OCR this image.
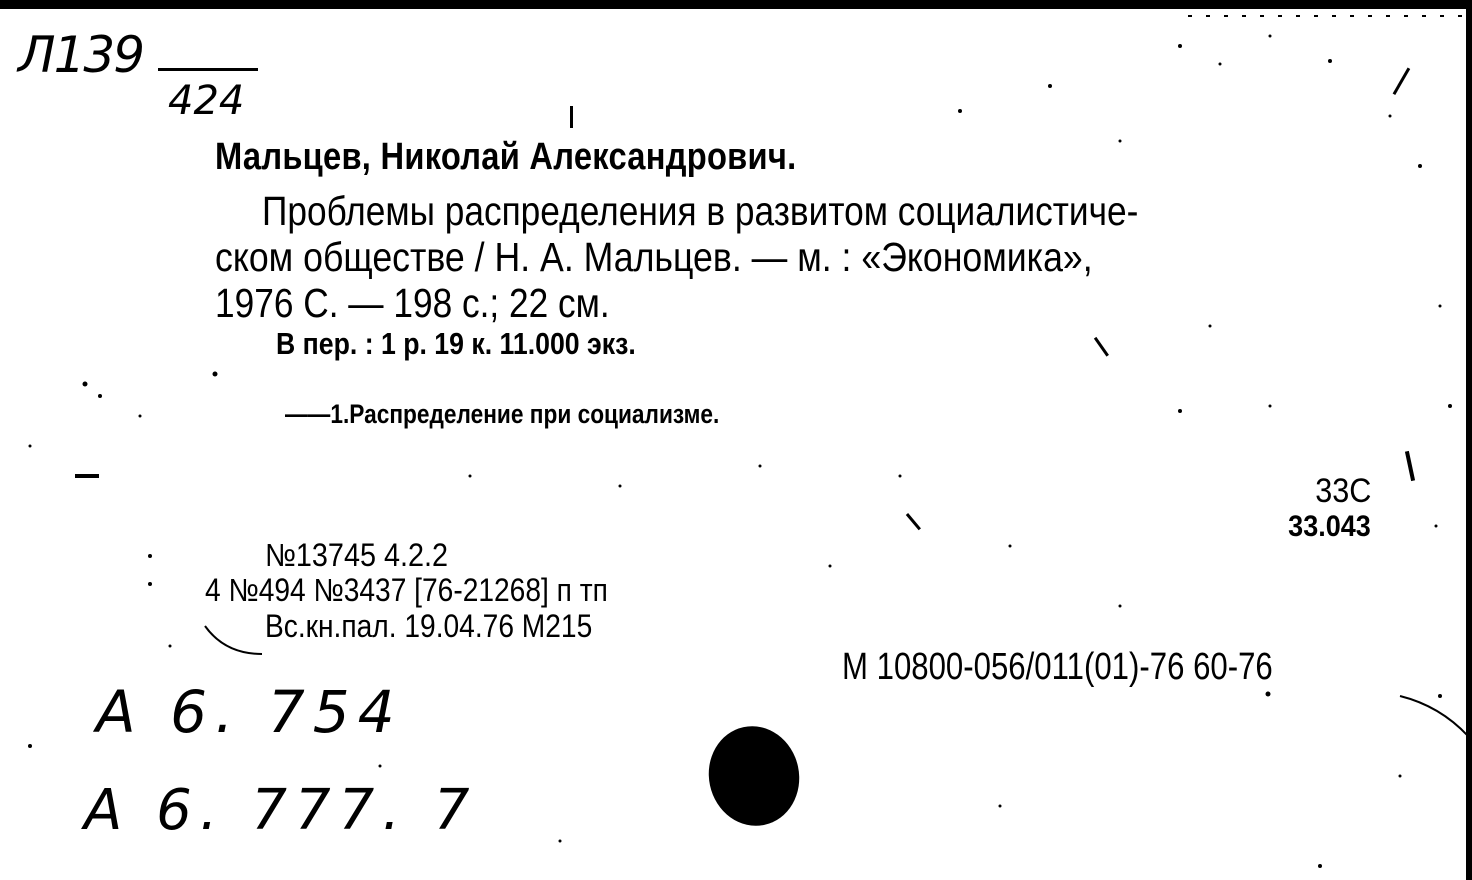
Л139
424
Мальцев, Николай Александрович.
Проблемы распределения в развитом социалистиче-
ском обществе / Н. А. Мальцев. — м. : «Экономика»,
1976 С. — 198 с.; 22 см.
В пер. : 1 р. 19 к. 11.000 экз.
——1.Распределение при социализме.
33С
33.043
№13745 4.2.2
4 №494 №3437 [76-21268] п тп
Вс.кн.пал. 19.04.76 М215
М 10800-056/011(01)-76 60-76
А 6. 754
А 6. 777. 7
